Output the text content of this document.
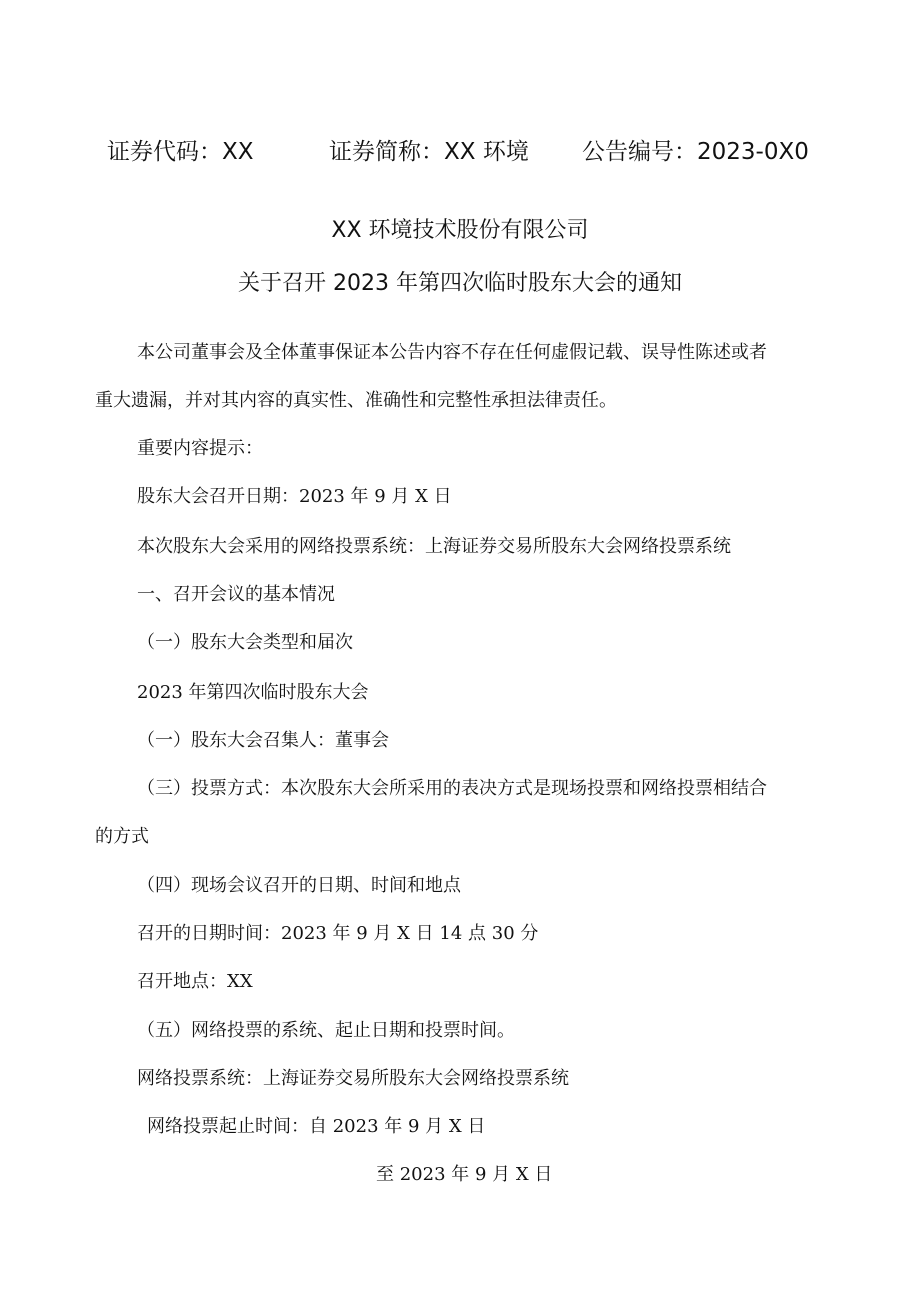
证券代码：XX	证券简称：XX 环境 公告编号：2023-0X0
XX 环境技术股份有限公司
关于召开 2023 年第四次临时股东大会的通知
本公司董事会及全体董事保证本公告内容不存在任何虚假记载、误导性陈述或者
重大遗漏，并对其内容的真实性、准确性和完整性承担法律责任。
重要内容提示：
股东大会召开日期：2023 年 9 月 X 日
本次股东大会采用的网络投票系统：上海证券交易所股东大会网络投票系统
一、召开会议的基本情况
（一）股东大会类型和届次
2023 年第四次临时股东大会
（一）股东大会召集人：董事会
（三）投票方式：本次股东大会所采用的表决方式是现场投票和网络投票相结合
的方式
（四）现场会议召开的日期、时间和地点
召开的日期时间：2023 年 9 月 X 日 14 点 30 分
召开地点：XX
（五）网络投票的系统、起止日期和投票时间。
网络投票系统：上海证券交易所股东大会网络投票系统
网络投票起止时间：自 2023 年 9 月 X 日
至 2023 年 9 月 X 日
